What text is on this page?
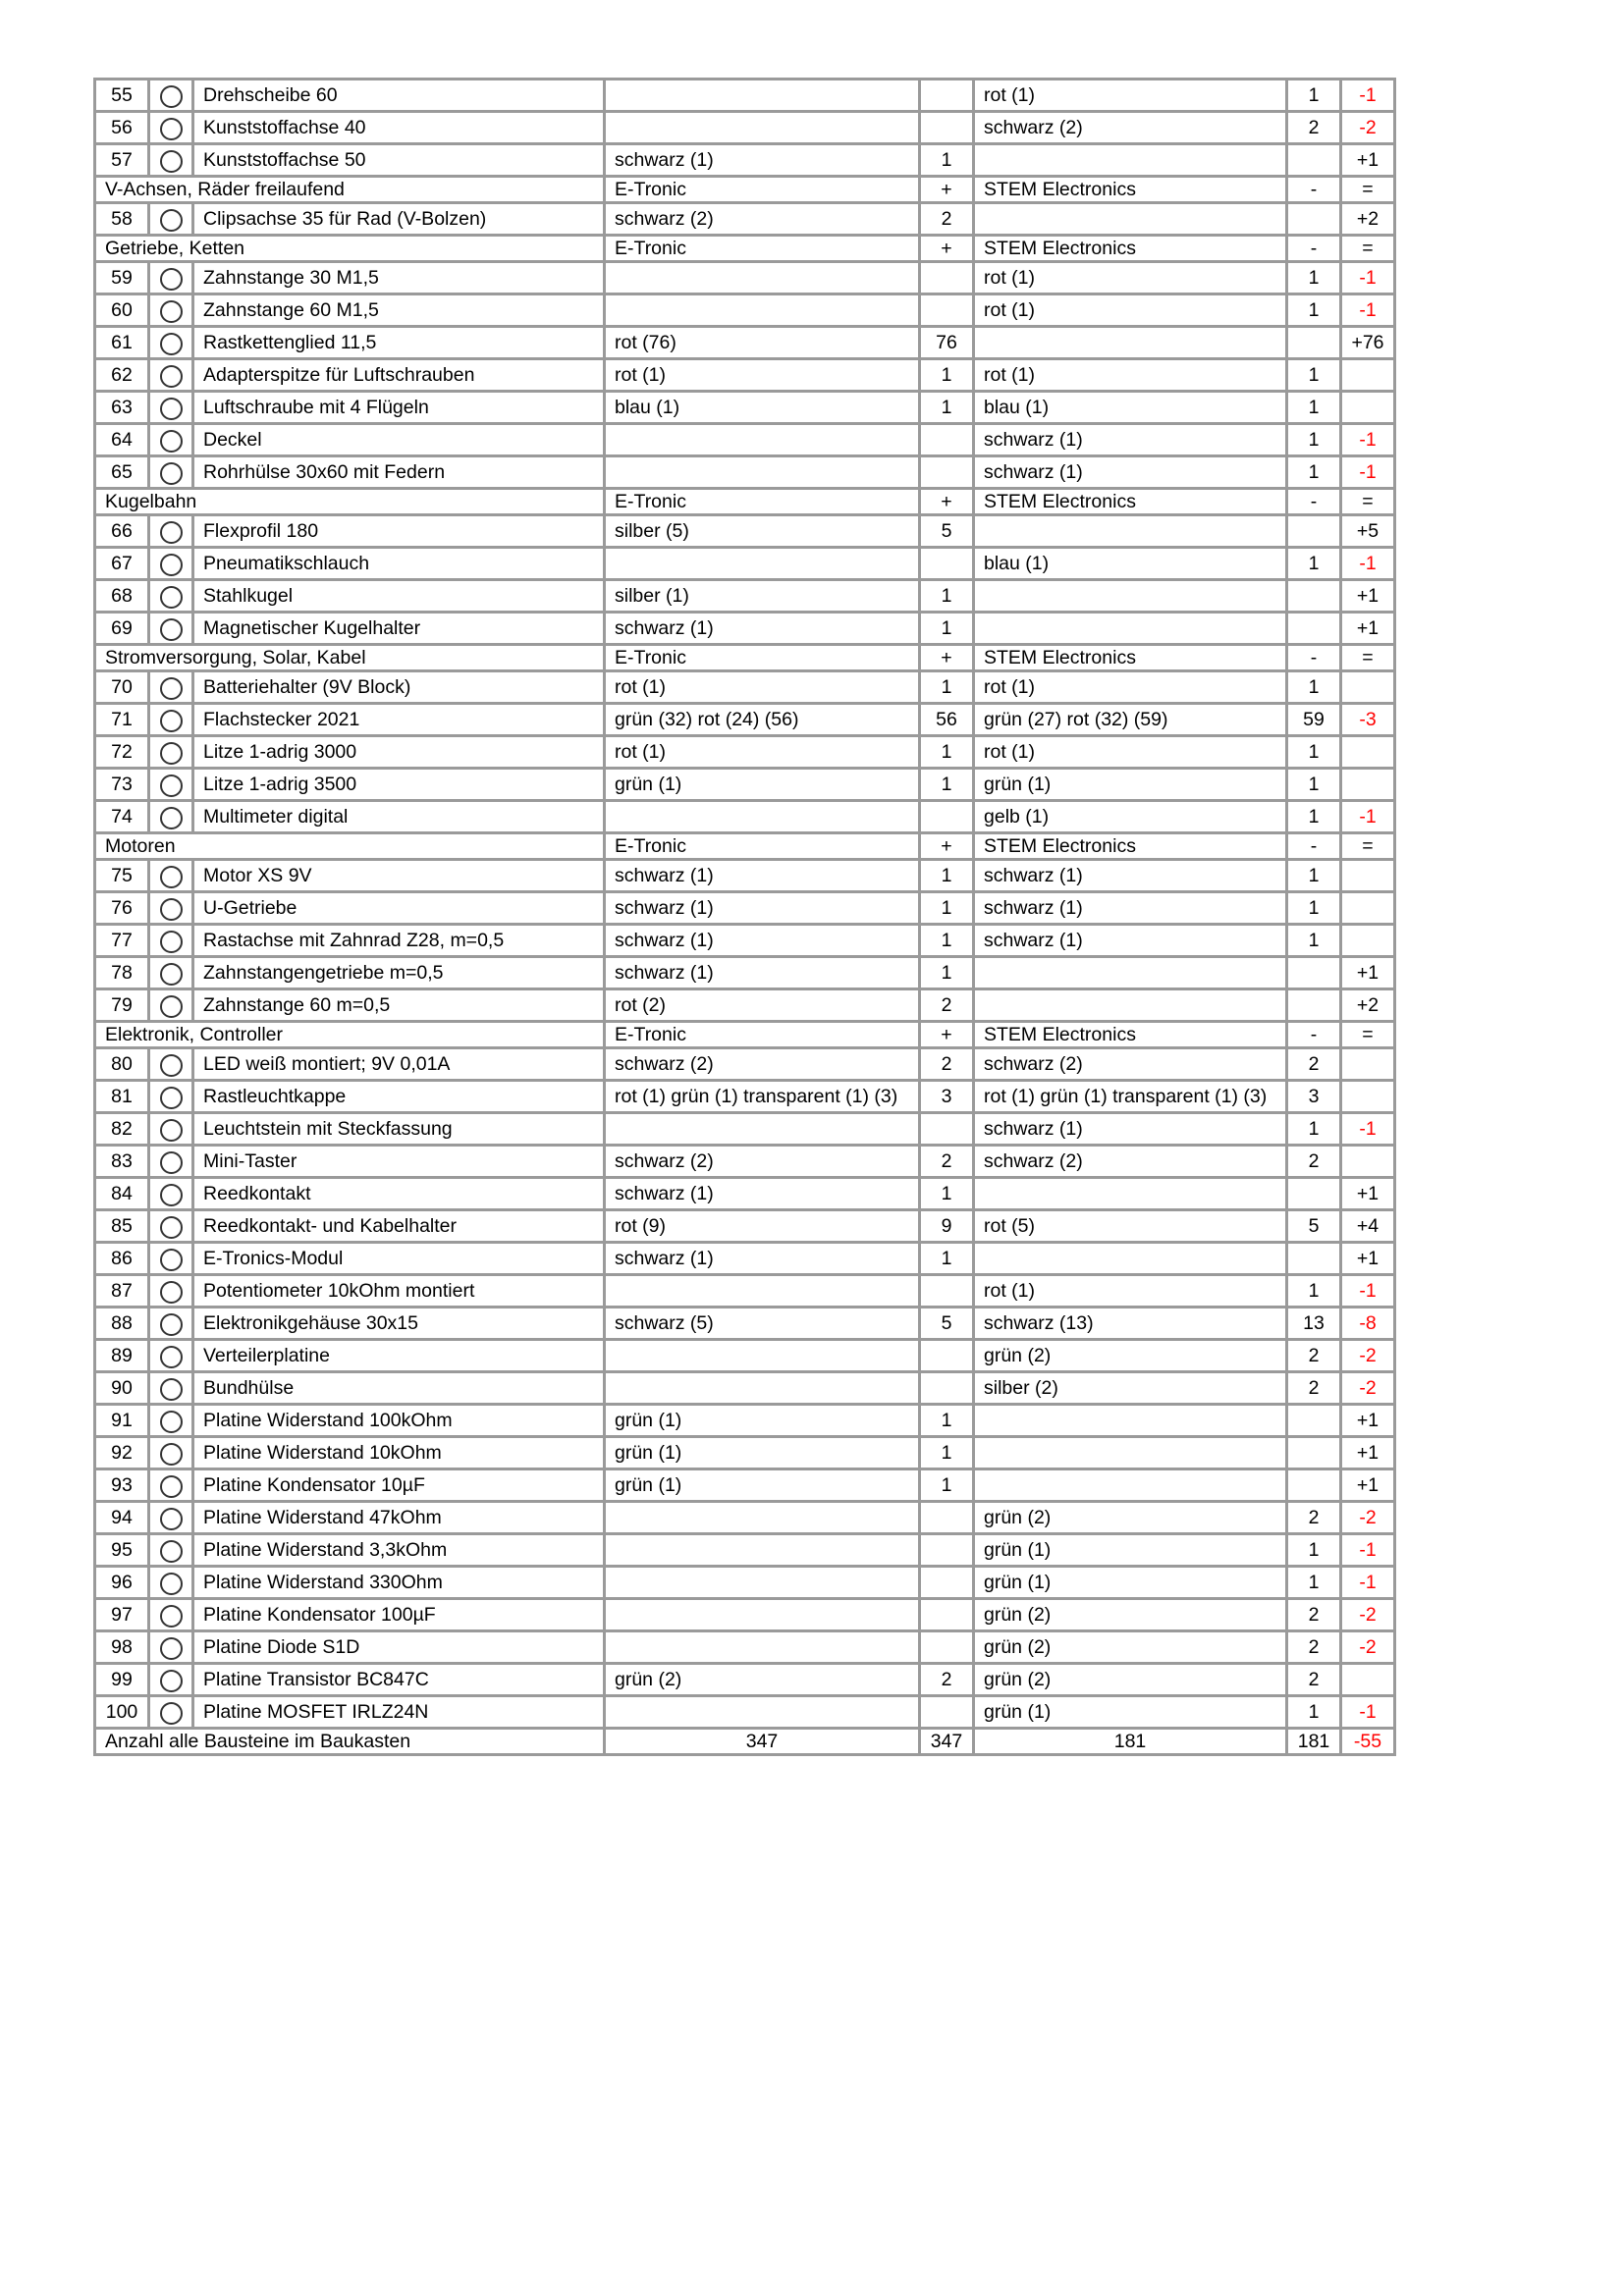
55		Drehscheibe 60			rot (1)	1	-1
56		Kunststoffachse 40			schwarz (2)	2	-2
57		Kunststoffachse 50	schwarz (1)	1			+1
V-Achsen, Räder freilaufend			E-Tronic	+	STEM Electronics	-	=
58		Clipsachse 35 für Rad (V-Bolzen)	schwarz (2)	2			+2
Getriebe, Ketten			E-Tronic	+	STEM Electronics	-	=
59		Zahnstange 30 M1,5			rot (1)	1	-1
60		Zahnstange 60 M1,5			rot (1)	1	-1
61		Rastkettenglied 11,5	rot (76)	76			+76
62		Adapterspitze für Luftschrauben	rot (1)	1	rot (1)	1	
63		Luftschraube mit 4 Flügeln	blau (1)	1	blau (1)	1	
64		Deckel			schwarz (1)	1	-1
65		Rohrhülse 30x60 mit Federn			schwarz (1)	1	-1
Kugelbahn			E-Tronic	+	STEM Electronics	-	=
66		Flexprofil 180	silber (5)	5			+5
67		Pneumatikschlauch			blau (1)	1	-1
68		Stahlkugel	silber (1)	1			+1
69		Magnetischer Kugelhalter	schwarz (1)	1			+1
Stromversorgung, Solar, Kabel			E-Tronic	+	STEM Electronics	-	=
70		Batteriehalter (9V Block)	rot (1)	1	rot (1)	1	
71		Flachstecker 2021	grün (32) rot (24) (56)	56	grün (27) rot (32) (59)	59	-3
72		Litze 1-adrig 3000	rot (1)	1	rot (1)	1	
73		Litze 1-adrig 3500	grün (1)	1	grün (1)	1	
74		Multimeter digital			gelb (1)	1	-1
Motoren			E-Tronic	+	STEM Electronics	-	=
75		Motor XS 9V	schwarz (1)	1	schwarz (1)	1	
76		U-Getriebe	schwarz (1)	1	schwarz (1)	1	
77		Rastachse mit Zahnrad Z28, m=0,5	schwarz (1)	1	schwarz (1)	1	
78		Zahnstangengetriebe m=0,5	schwarz (1)	1			+1
79		Zahnstange 60 m=0,5	rot (2)	2			+2
Elektronik, Controller			E-Tronic	+	STEM Electronics	-	=
80		LED weiß montiert; 9V 0,01A	schwarz (2)	2	schwarz (2)	2	
81		Rastleuchtkappe	rot (1) grün (1) transparent (1) (3)	3	rot (1) grün (1) transparent (1) (3)	3	
82		Leuchtstein mit Steckfassung			schwarz (1)	1	-1
83		Mini-Taster	schwarz (2)	2	schwarz (2)	2	
84		Reedkontakt	schwarz (1)	1			+1
85		Reedkontakt- und Kabelhalter	rot (9)	9	rot (5)	5	+4
86		E-Tronics-Modul	schwarz (1)	1			+1
87		Potentiometer 10kOhm montiert			rot (1)	1	-1
88		Elektronikgehäuse 30x15	schwarz (5)	5	schwarz (13)	13	-8
89		Verteilerplatine			grün (2)	2	-2
90		Bundhülse			silber (2)	2	-2
91		Platine Widerstand 100kOhm	grün (1)	1			+1
92		Platine Widerstand 10kOhm	grün (1)	1			+1
93		Platine Kondensator 10µF	grün (1)	1			+1
94		Platine Widerstand 47kOhm			grün (2)	2	-2
95		Platine Widerstand 3,3kOhm			grün (1)	1	-1
96		Platine Widerstand 330Ohm			grün (1)	1	-1
97		Platine Kondensator 100µF			grün (2)	2	-2
98		Platine Diode S1D			grün (2)	2	-2
99		Platine Transistor BC847C	grün (2)	2	grün (2)	2	
100		Platine MOSFET IRLZ24N			grün (1)	1	-1
Anzahl alle Bausteine im Baukasten			347	347	181	181	-55
